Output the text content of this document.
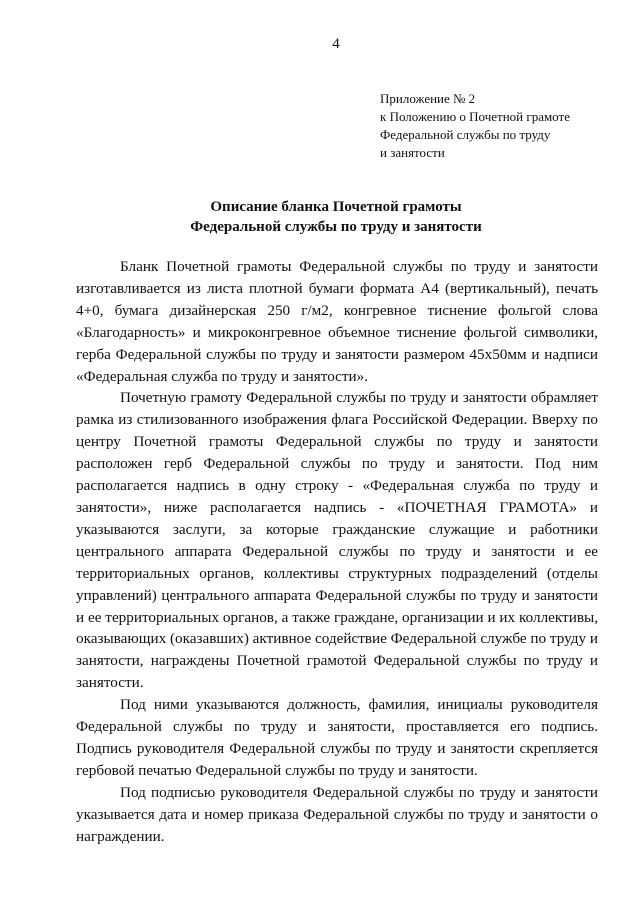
4
Приложение № 2
к Положению о Почетной грамоте
Федеральной службы по труду
и занятости
Описание бланка Почетной грамоты
Федеральной службы по труду и занятости

Бланк Почетной грамоты Федеральной службы по труду и занятости изготавливается из листа плотной бумаги формата А4 (вертикальный), печать 4+0, бумага дизайнерская 250 г/м2, конгревное тиснение фольгой слова «Благодарность» и микроконгревное объемное тиснение фольгой символики, герба Федеральной службы по труду и занятости размером 45х50мм и надписи «Федеральная служба по труду и занятости».

Почетную грамоту Федеральной службы по труду и занятости обрамляет рамка из стилизованного изображения флага Российской Федерации. Вверху по центру Почетной грамоты Федеральной службы по труду и занятости расположен герб Федеральной службы по труду и занятости. Под ним располагается надпись в одну строку - «Федеральная служба по труду и занятости», ниже располагается надпись - «ПОЧЕТНАЯ ГРАМОТА» и указываются заслуги, за которые гражданские служащие и работники центрального аппарата Федеральной службы по труду и занятости и ее территориальных органов, коллективы структурных подразделений (отделы управлений) центрального аппарата Федеральной службы по труду и занятости и ее территориальных органов, а также граждане, организации и их коллективы, оказывающих (оказавших) активное содействие Федеральной службе по труду и занятости, награждены Почетной грамотой Федеральной службы по труду и занятости.

Под ними указываются должность, фамилия, инициалы руководителя Федеральной службы по труду и занятости, проставляется его подпись. Подпись руководителя Федеральной службы по труду и занятости скрепляется гербовой печатью Федеральной службы по труду и занятости.

Под подписью руководителя Федеральной службы по труду и занятости указывается дата и номер приказа Федеральной службы по труду и занятости о награждении.
